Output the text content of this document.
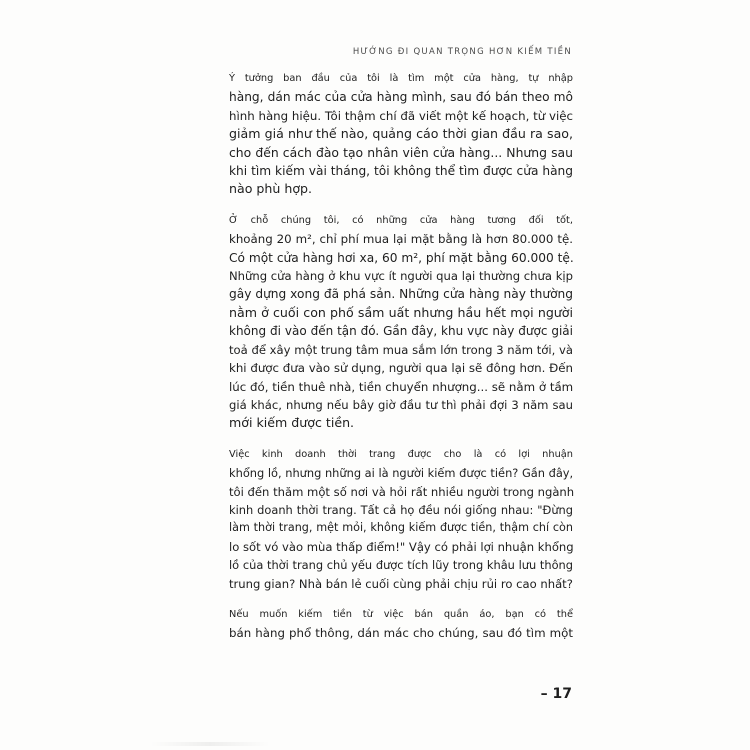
HƯỚNG ĐI QUAN TRỌNG HƠN KIẾM TIỀN

Ý tưởng ban đầu của tôi là tìm một cửa hàng, tự nhập
hàng, dán mác của cửa hàng mình, sau đó bán theo mô
hình hàng hiệu. Tôi thậm chí đã viết một kế hoạch, từ việc
giảm giá như thế nào, quảng cáo thời gian đầu ra sao,
cho đến cách đào tạo nhân viên cửa hàng... Nhưng sau
khi tìm kiếm vài tháng, tôi không thể tìm được cửa hàng
nào phù hợp.

Ở chỗ chúng tôi, có những cửa hàng tương đối tốt,
khoảng 20 m², chỉ phí mua lại mặt bằng là hơn 80.000 tệ.
Có một cửa hàng hơi xa, 60 m², phí mặt bằng 60.000 tệ.
Những cửa hàng ở khu vực ít người qua lại thường chưa kịp
gây dựng xong đã phá sản. Những cửa hàng này thường
nằm ở cuối con phố sầm uất nhưng hầu hết mọi người
không đi vào đến tận đó. Gần đây, khu vực này được giải
toả để xây một trung tâm mua sắm lớn trong 3 năm tới, và
khi được đưa vào sử dụng, người qua lại sẽ đông hơn. Đến
lúc đó, tiền thuê nhà, tiền chuyển nhượng... sẽ nằm ở tầm
giá khác, nhưng nếu bây giờ đầu tư thì phải đợi 3 năm sau
mới kiếm được tiền.

Việc kinh doanh thời trang được cho là có lợi nhuận
khổng lồ, nhưng những ai là người kiếm được tiền? Gần đây,
tôi đến thăm một số nơi và hỏi rất nhiều người trong ngành
kinh doanh thời trang. Tất cả họ đều nói giống nhau: "Đừng
làm thời trang, mệt mỏi, không kiếm được tiền, thậm chí còn
lo sốt vó vào mùa thấp điểm!" Vậy có phải lợi nhuận khổng
lồ của thời trang chủ yếu được tích lũy trong khâu lưu thông
trung gian? Nhà bán lẻ cuối cùng phải chịu rủi ro cao nhất?

Nếu muốn kiếm tiền từ việc bán quần áo, bạn có thể
bán hàng phổ thông, dán mác cho chúng, sau đó tìm một

– 17
